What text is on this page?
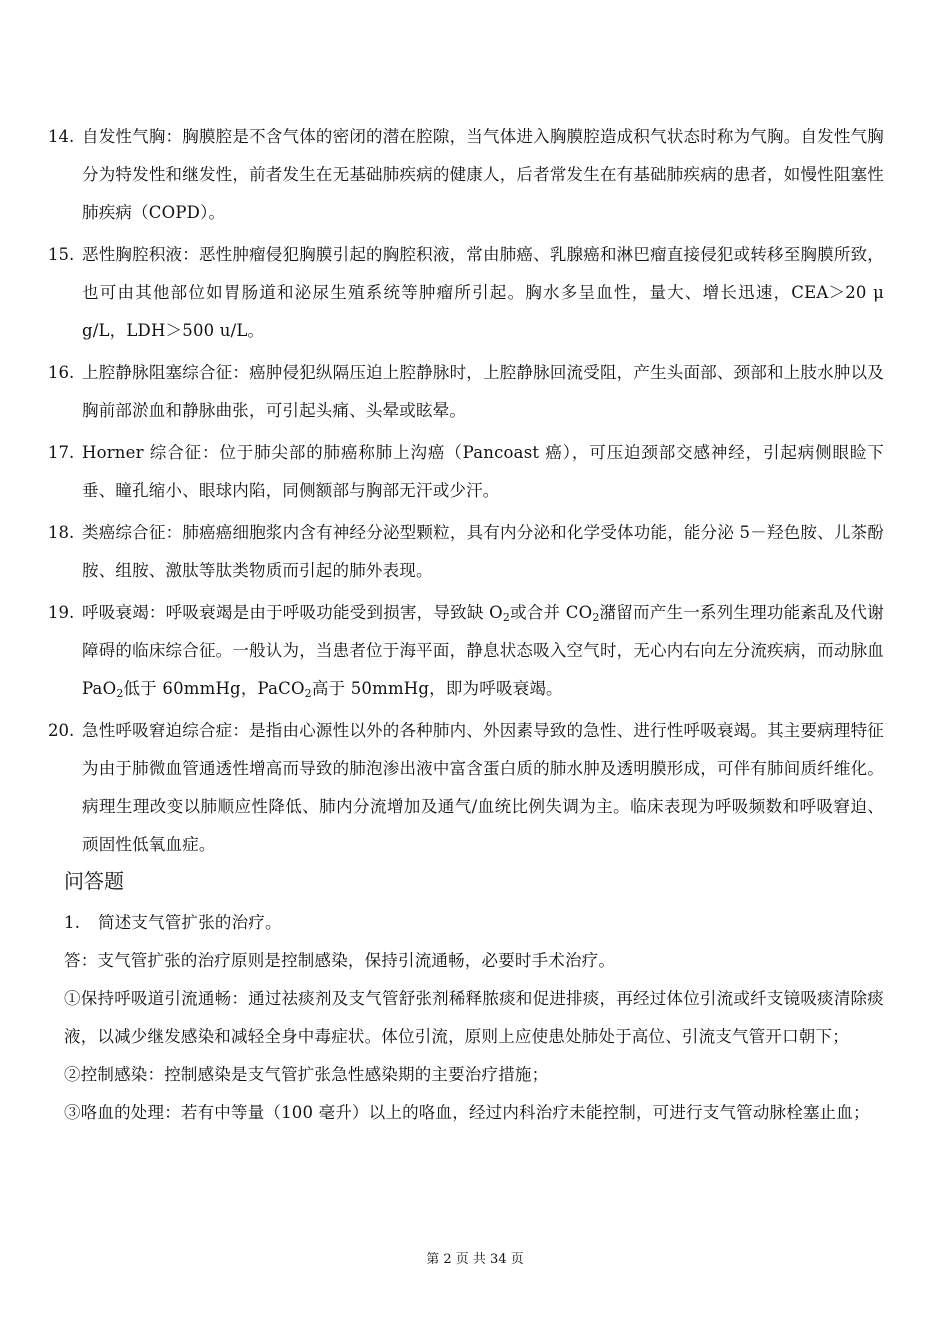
14. 自发性气胸：胸膜腔是不含气体的密闭的潜在腔隙，当气体进入胸膜腔造成积气状态时称为气胸。自发性气胸分为特发性和继发性，前者发生在无基础肺疾病的健康人，后者常发生在有基础肺疾病的患者，如慢性阻塞性肺疾病（COPD）。
15. 恶性胸腔积液：恶性肿瘤侵犯胸膜引起的胸腔积液，常由肺癌、乳腺癌和淋巴瘤直接侵犯或转移至胸膜所致，也可由其他部位如胃肠道和泌尿生殖系统等肿瘤所引起。胸水多呈血性，量大、增长迅速，CEA＞20 μ g/L，LDH＞500 u/L。
16. 上腔静脉阻塞综合征：癌肿侵犯纵隔压迫上腔静脉时，上腔静脉回流受阻，产生头面部、颈部和上肢水肿以及胸前部淤血和静脉曲张，可引起头痛、头晕或眩晕。
17. Horner 综合征：位于肺尖部的肺癌称肺上沟癌（Pancoast 癌），可压迫颈部交感神经，引起病侧眼睑下垂、瞳孔缩小、眼球内陷，同侧额部与胸部无汗或少汗。
18. 类癌综合征：肺癌癌细胞浆内含有神经分泌型颗粒，具有内分泌和化学受体功能，能分泌 5－羟色胺、儿茶酚胺、组胺、激肽等肽类物质而引起的肺外表现。
19. 呼吸衰竭：呼吸衰竭是由于呼吸功能受到损害，导致缺 $O_2$或合并 $CO_2$潴留而产生一系列生理功能紊乱及代谢障碍的临床综合征。一般认为，当患者位于海平面，静息状态吸入空气时，无心内右向左分流疾病，而动脉血 PaO$_2$低于 60mmHg，PaCO$_2$高于 50mmHg，即为呼吸衰竭。
20. 急性呼吸窘迫综合症：是指由心源性以外的各种肺内、外因素导致的急性、进行性呼吸衰竭。其主要病理特征为由于肺微血管通透性增高而导致的肺泡渗出液中富含蛋白质的肺水肿及透明膜形成，可伴有肺间质纤维化。病理生理改变以肺顺应性降低、肺内分流增加及通气/血统比例失调为主。临床表现为呼吸频数和呼吸窘迫、顽固性低氧血症。
问答题
1. 简述支气管扩张的治疗。
答：支气管扩张的治疗原则是控制感染，保持引流通畅，必要时手术治疗。
①保持呼吸道引流通畅：通过祛痰剂及支气管舒张剂稀释脓痰和促进排痰，再经过体位引流或纤支镜吸痰清除痰液，以减少继发感染和减轻全身中毒症状。体位引流，原则上应使患处肺处于高位、引流支气管开口朝下；
②控制感染：控制感染是支气管扩张急性感染期的主要治疗措施；
③咯血的处理：若有中等量（100 毫升）以上的咯血，经过内科治疗未能控制，可进行支气管动脉栓塞止血；
第 2 页 共 34 页
